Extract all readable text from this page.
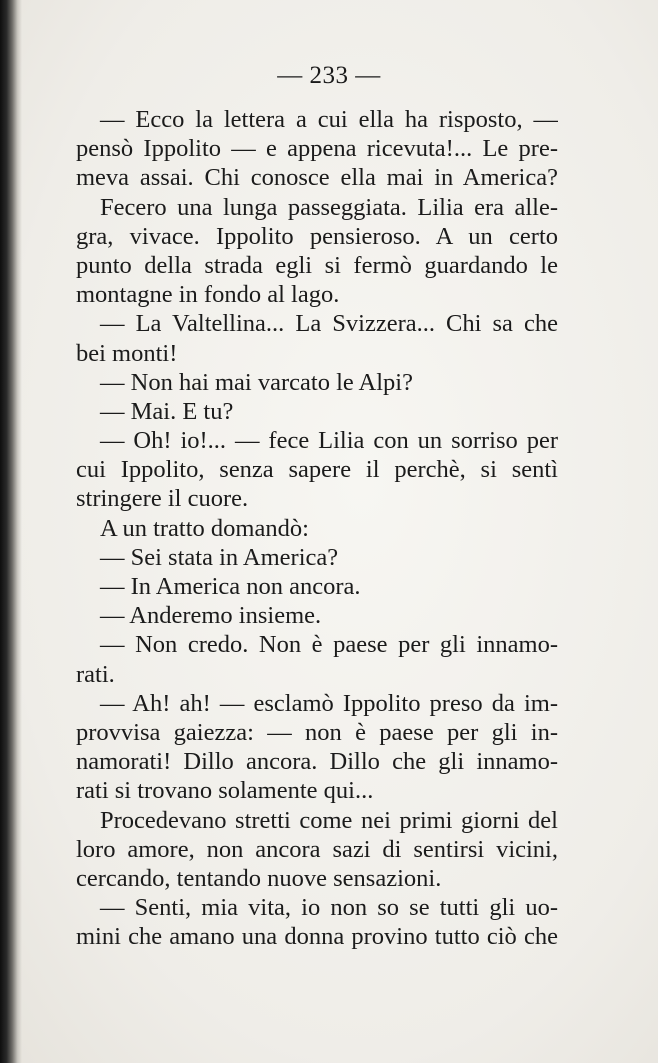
— 233 —
— Ecco la lettera a cui ella ha risposto, —
pensò Ippolito — e appena ricevuta!... Le pre-
meva assai. Chi conosce ella mai in America?
Fecero una lunga passeggiata. Lilia era alle-
gra, vivace. Ippolito pensieroso. A un certo
punto della strada egli si fermò guardando le
montagne in fondo al lago.
— La Valtellina... La Svizzera... Chi sa che
bei monti!
— Non hai mai varcato le Alpi?
— Mai. E tu?
— Oh! io!... — fece Lilia con un sorriso per
cui Ippolito, senza sapere il perchè, si sentì
stringere il cuore.
A un tratto domandò:
— Sei stata in America?
— In America non ancora.
— Anderemo insieme.
— Non credo. Non è paese per gli innamo-
rati.
— Ah! ah! — esclamò Ippolito preso da im-
provvisa gaiezza: — non è paese per gli in-
namorati! Dillo ancora. Dillo che gli innamo-
rati si trovano solamente qui...
Procedevano stretti come nei primi giorni del
loro amore, non ancora sazi di sentirsi vicini,
cercando, tentando nuove sensazioni.
— Senti, mia vita, io non so se tutti gli uo-
mini che amano una donna provino tutto ciò che
